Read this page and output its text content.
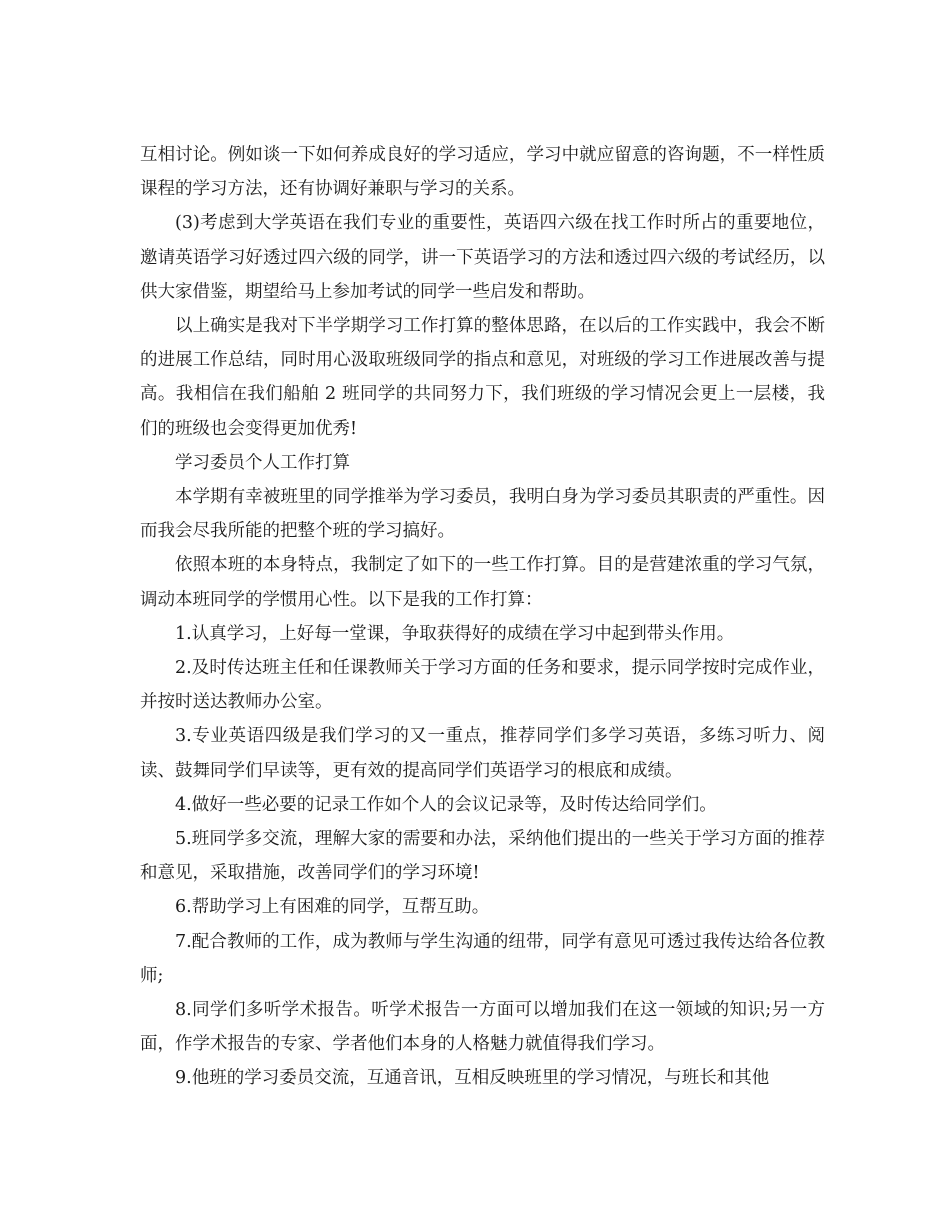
互相讨论。例如谈一下如何养成良好的学习适应，学习中就应留意的咨询题，不一样性质课程的学习方法，还有协调好兼职与学习的关系。

(3)考虑到大学英语在我们专业的重要性，英语四六级在找工作时所占的重要地位，邀请英语学习好透过四六级的同学，讲一下英语学习的方法和透过四六级的考试经历，以供大家借鉴，期望给马上参加考试的同学一些启发和帮助。

以上确实是我对下半学期学习工作打算的整体思路，在以后的工作实践中，我会不断的进展工作总结，同时用心汲取班级同学的指点和意见，对班级的学习工作进展改善与提高。我相信在我们船舶 2 班同学的共同努力下，我们班级的学习情况会更上一层楼，我们的班级也会变得更加优秀!

学习委员个人工作打算

本学期有幸被班里的同学推举为学习委员，我明白身为学习委员其职责的严重性。因而我会尽我所能的把整个班的学习搞好。

依照本班的本身特点，我制定了如下的一些工作打算。目的是营建浓重的学习气氛，调动本班同学的学惯用心性。以下是我的工作打算：

1.认真学习，上好每一堂课，争取获得好的成绩在学习中起到带头作用。

2.及时传达班主任和任课教师关于学习方面的任务和要求，提示同学按时完成作业，并按时送达教师办公室。

3.专业英语四级是我们学习的又一重点，推荐同学们多学习英语，多练习听力、阅读、鼓舞同学们早读等，更有效的提高同学们英语学习的根底和成绩。

4.做好一些必要的记录工作如个人的会议记录等，及时传达给同学们。

5.班同学多交流，理解大家的需要和办法，采纳他们提出的一些关于学习方面的推荐和意见，采取措施，改善同学们的学习环境!

6.帮助学习上有困难的同学，互帮互助。

7.配合教师的工作，成为教师与学生沟通的纽带，同学有意见可透过我传达给各位教师;

8.同学们多听学术报告。听学术报告一方面可以增加我们在这一领域的知识;另一方面，作学术报告的专家、学者他们本身的人格魅力就值得我们学习。

9.他班的学习委员交流，互通音讯，互相反映班里的学习情况，与班长和其他
